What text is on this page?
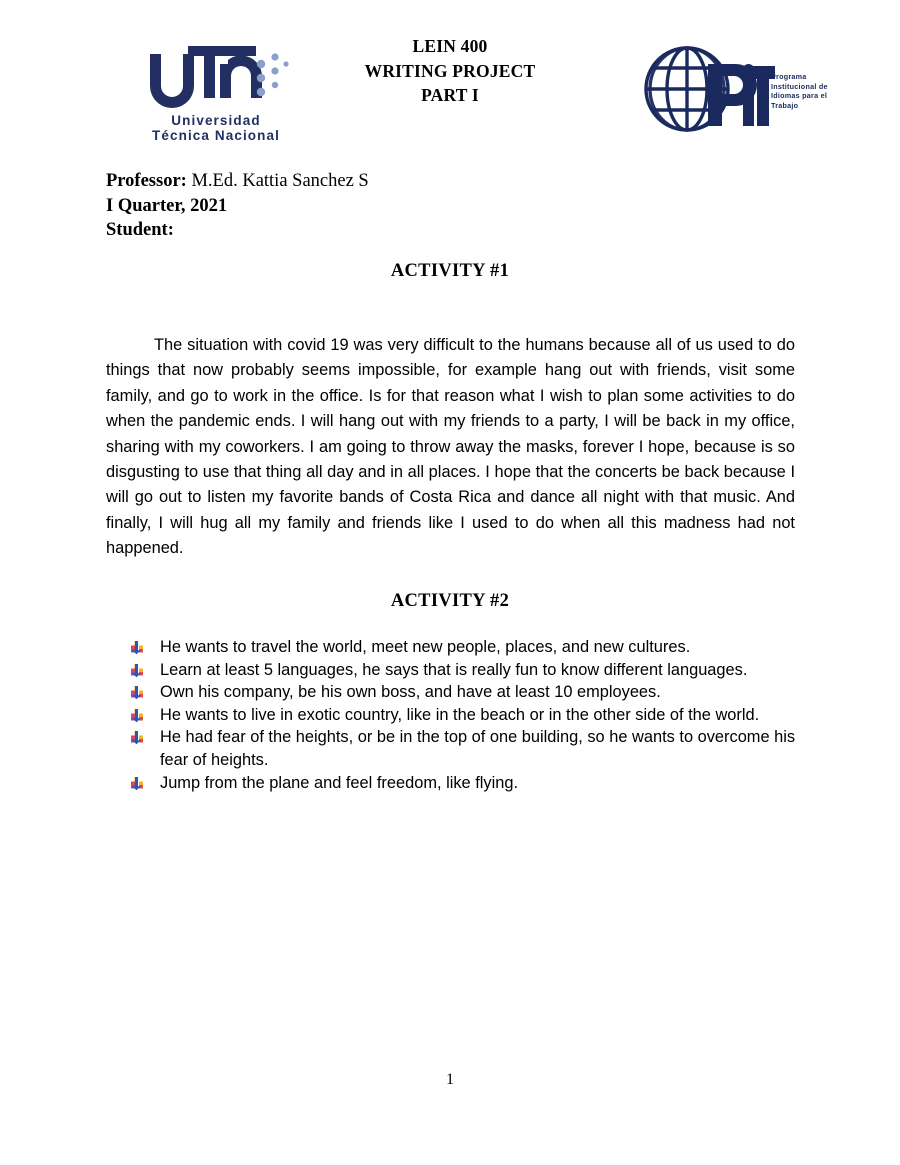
Universidad
Técnica Nacional
LEIN 400
WRITING PROJECT
PART I
Programa
Institucional de
Idiomas para el
Trabajo
Professor: M.Ed. Kattia Sanchez S
I Quarter, 2021
Student:
ACTIVITY #1
The situation with covid 19 was very difficult to the humans because all of us used to do things that now probably seems impossible, for example hang out with friends, visit some family, and go to work in the office. Is for that reason what I wish to plan some activities to do when the pandemic ends. I will hang out with my friends to a party, I will be back in my office, sharing with my coworkers. I am going to throw away the masks, forever I hope, because is so disgusting to use that thing all day and in all places. I hope that the concerts be back because I will go out to listen my favorite bands of Costa Rica and dance all night with that music. And finally, I will hug all my family and friends like I used to do when all this madness had not happened.
ACTIVITY #2
He wants to travel the world, meet new people, places, and new cultures.
Learn at least 5 languages, he says that is really fun to know different languages.
Own his company, be his own boss, and have at least 10 employees.
He wants to live in exotic country, like in the beach or in the other side of the world.
He had fear of the heights, or be in the top of one building, so he wants to overcome his fear of heights.
Jump from the plane and feel freedom, like flying.
1
